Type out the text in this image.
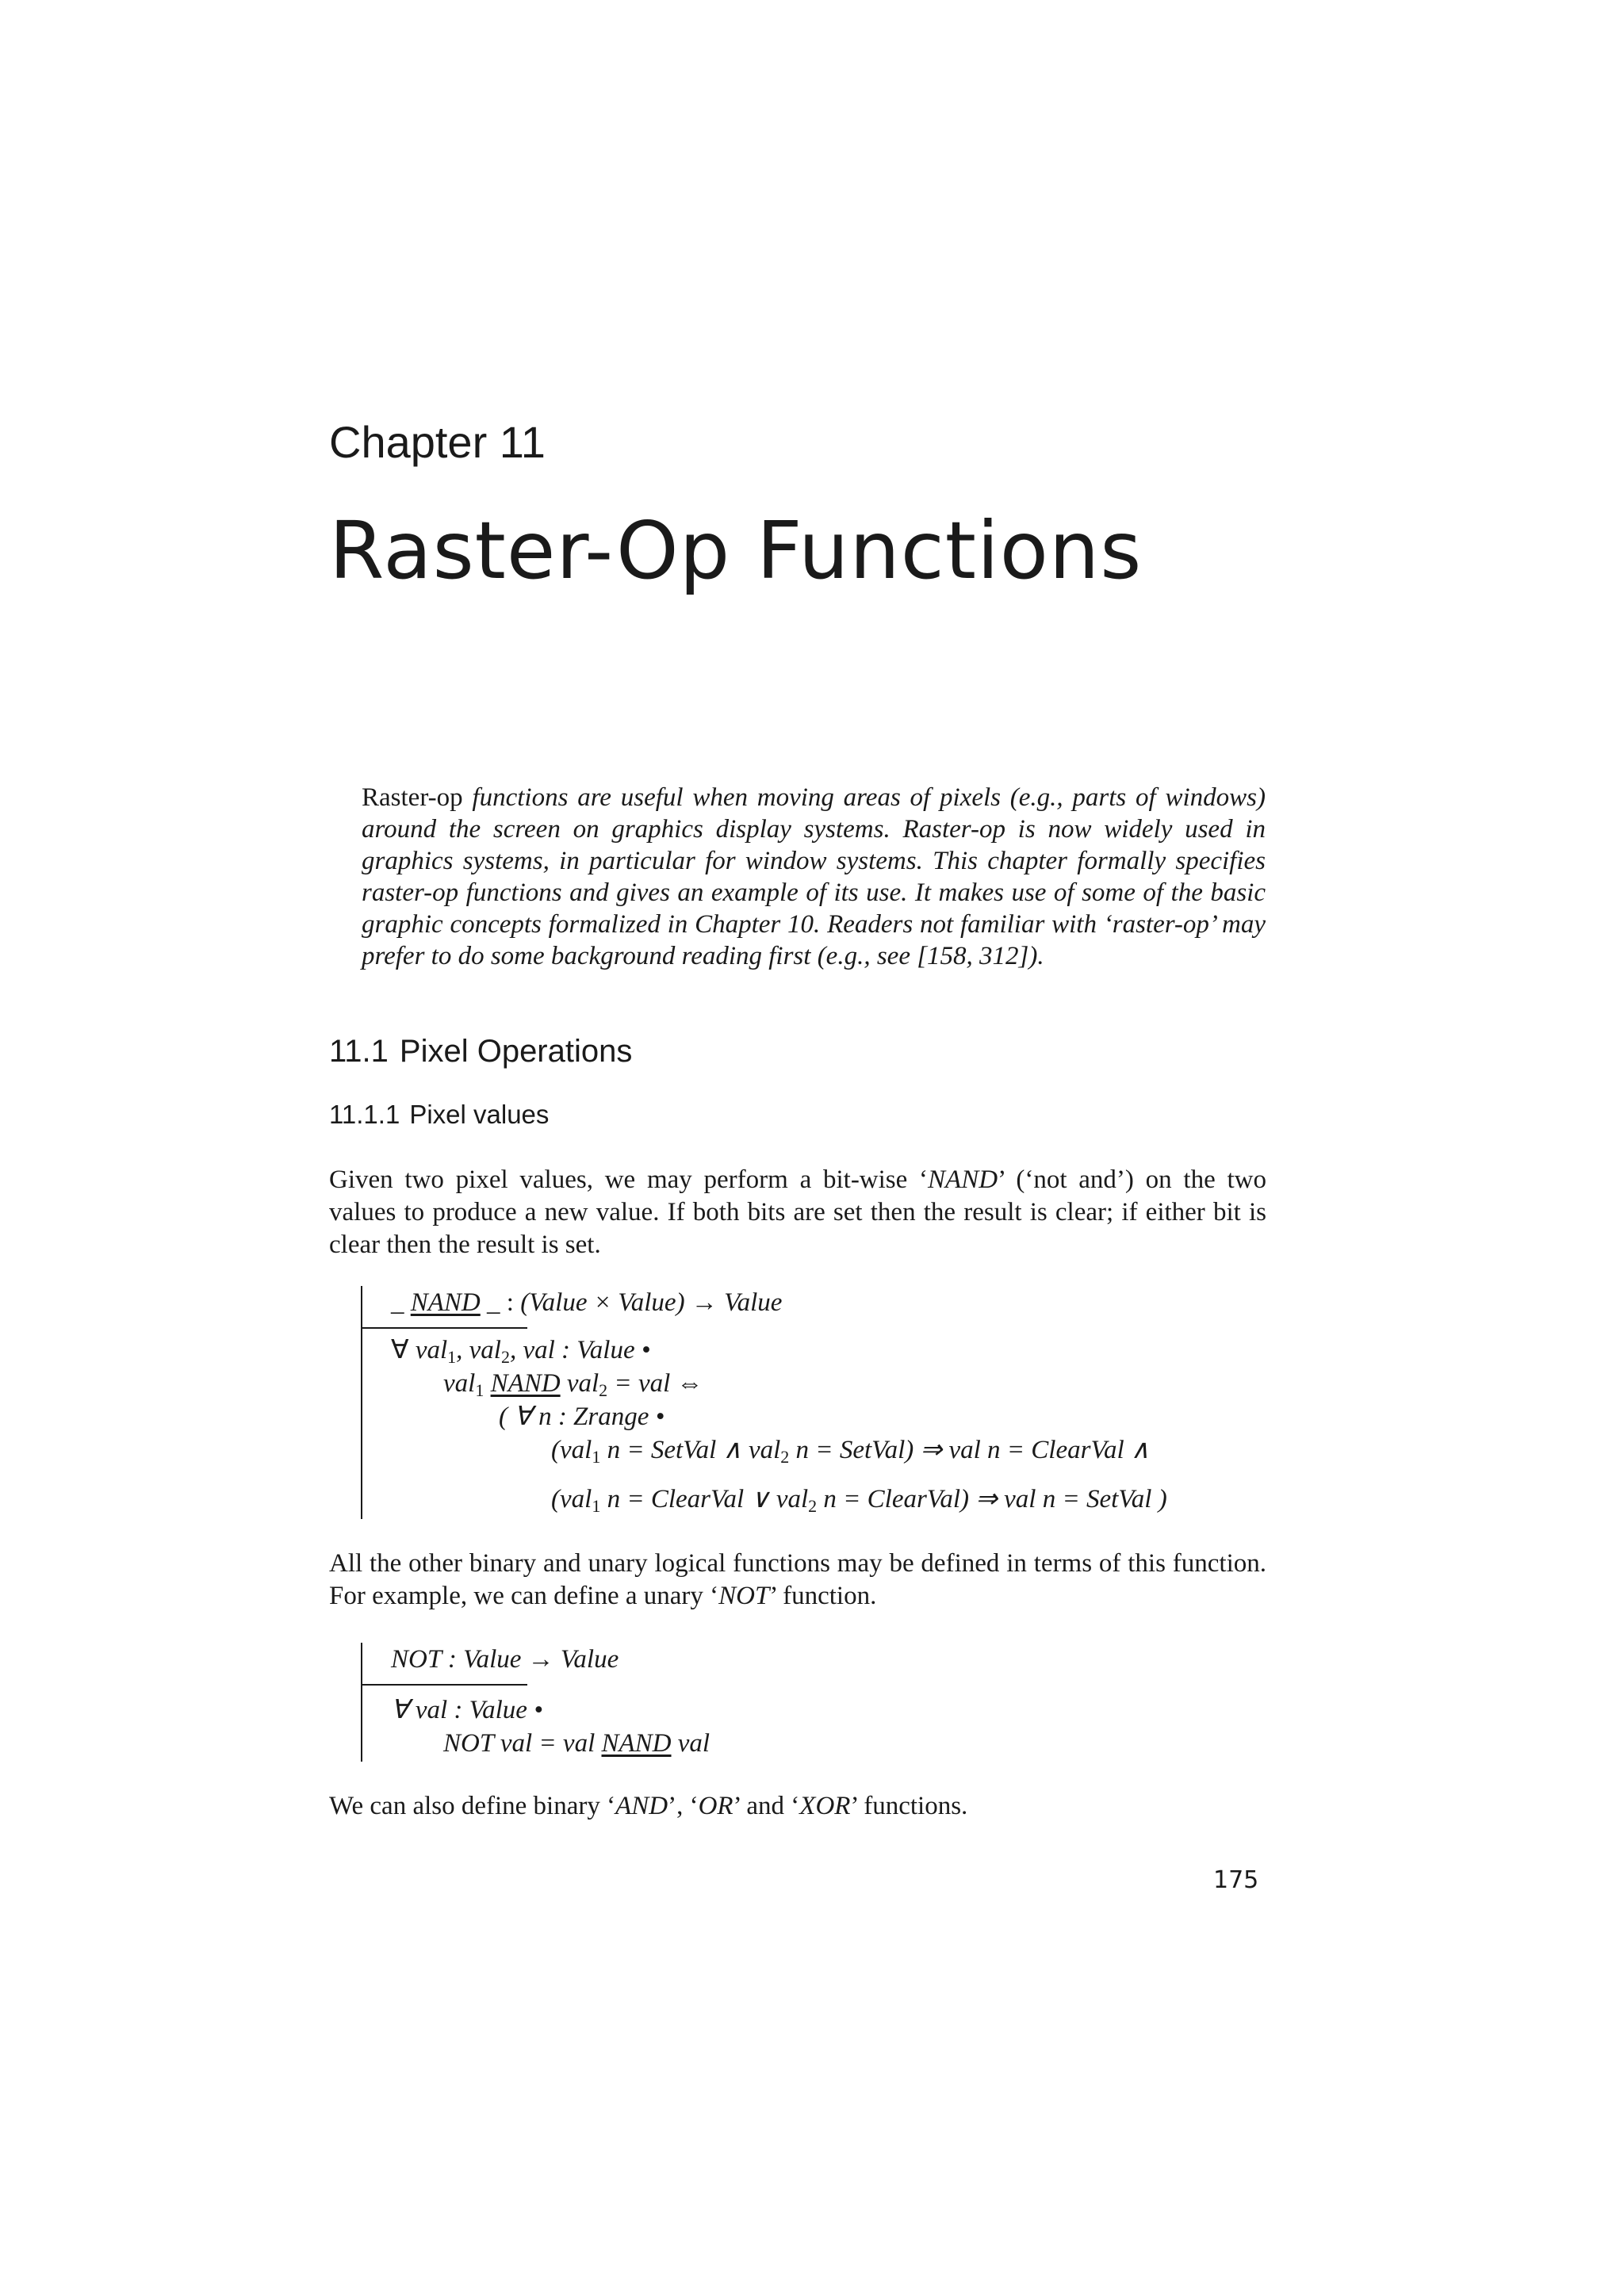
Chapter 11
Raster-Op Functions
Raster-op functions are useful when moving areas of pixels (e.g., parts of windows) around the screen on graphics display systems. Raster-op is now widely used in graphics systems, in particular for window systems. This chapter formally specifies raster-op functions and gives an example of its use. It makes use of some of the basic graphic concepts formalized in Chapter 10. Readers not familiar with ‘raster-op’ may prefer to do some background reading first (e.g., see [158, 312]).
11.1 Pixel Operations
11.1.1 Pixel values
Given two pixel values, we may perform a bit-wise ‘NAND’ (‘not and’) on the two values to produce a new value. If both bits are set then the result is clear; if either bit is clear then the result is set.
_ NAND _ : (Value × Value) → Value
∀ val$_1$, val$_2$, val : Value •
val$_1$ NAND val$_2$ = val ⇔
( ∀ n : Zrange •
(val$_1$ n = SetVal ∧ val$_2$ n = SetVal) ⇒ val n = ClearVal ∧
(val$_1$ n = ClearVal ∨ val$_2$ n = ClearVal) ⇒ val n = SetVal )
All the other binary and unary logical functions may be defined in terms of this function. For example, we can define a unary ‘NOT’ function.
NOT : Value → Value
∀ val : Value •
NOT val = val NAND val
We can also define binary ‘AND’, ‘OR’ and ‘XOR’ functions.
175
